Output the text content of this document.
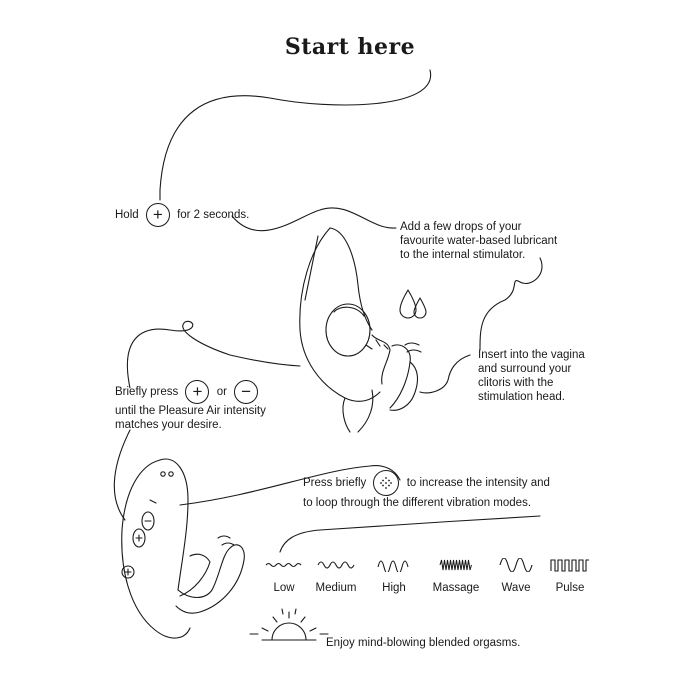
Start here
Hold + for 2 seconds.
Add a few drops of your
favourite water-based lubricant
to the internal stimulator.
Insert into the vagina
and surround your
clitoris with the
stimulation head.
Briefly press + or −
until the Pleasure Air intensity
matches your desire.
Press briefly	to increase the intensity and
to loop through the different vibration modes.
Low	Medium	High	Massage	Wave	Pulse
Enjoy mind-blowing blended orgasms.
